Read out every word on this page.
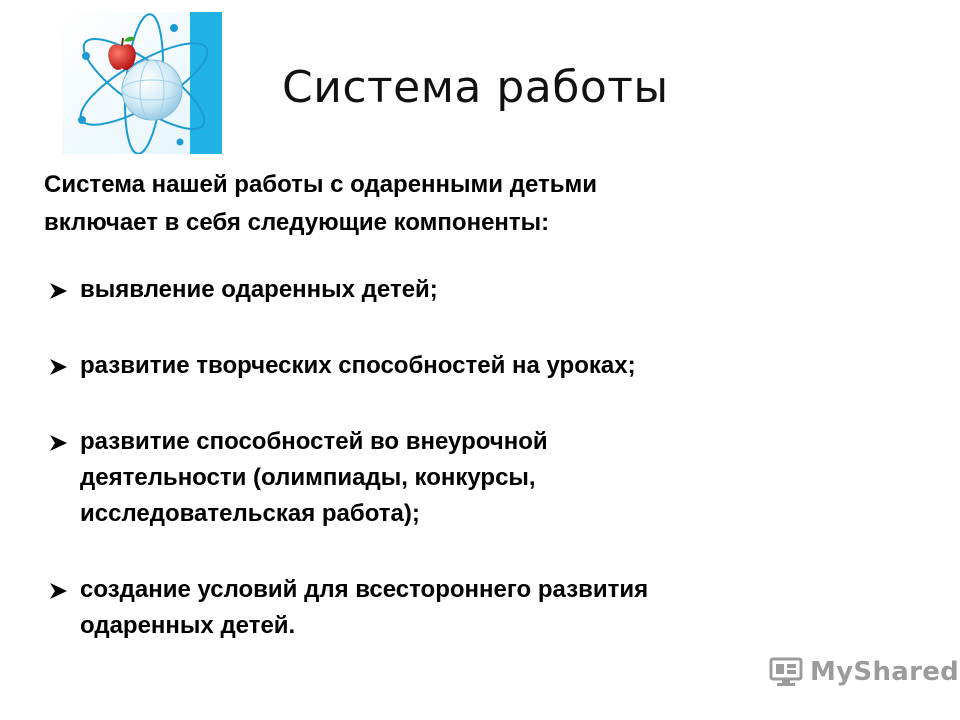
Система работы
Система нашей работы с одаренными детьми
включает в себя следующие компоненты:
выявление одаренных детей;
развитие творческих способностей на уроках;
развитие способностей во внеурочной
деятельности (олимпиады, конкурсы,
исследовательская работа);
создание условий для всестороннего развития
одаренных детей.
MyShared
